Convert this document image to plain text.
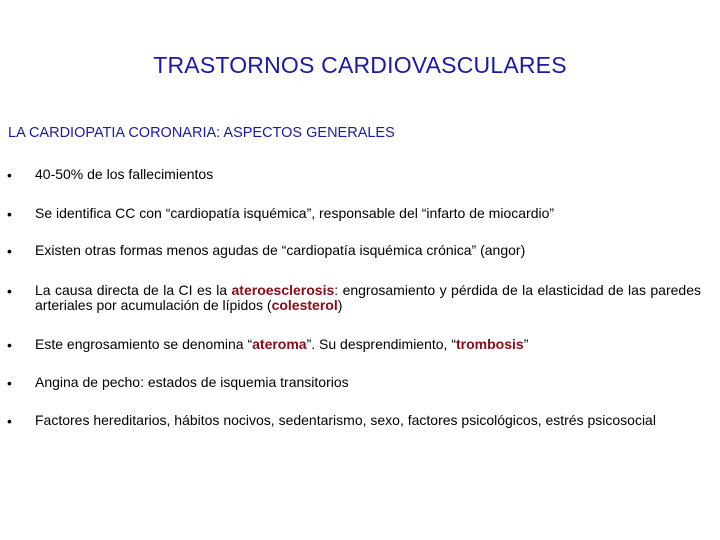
TRASTORNOS CARDIOVASCULARES
LA CARDIOPATIA CORONARIA: ASPECTOS GENERALES
• 40-50% de los fallecimientos
• Se identifica CC con “cardiopatía isquémica”, responsable del “infarto de miocardio”
• Existen otras formas menos agudas de “cardiopatía isquémica crónica” (angor)
• La causa directa de la CI es la ateroesclerosis: engrosamiento y pérdida de la elasticidad de las paredes arteriales por acumulación de lípidos (colesterol)
• Este engrosamiento se denomina “ateroma”. Su desprendimiento, “trombosis”
• Angina de pecho: estados de isquemia transitorios
• Factores hereditarios, hábitos nocivos, sedentarismo, sexo, factores psicológicos, estrés psicosocial
